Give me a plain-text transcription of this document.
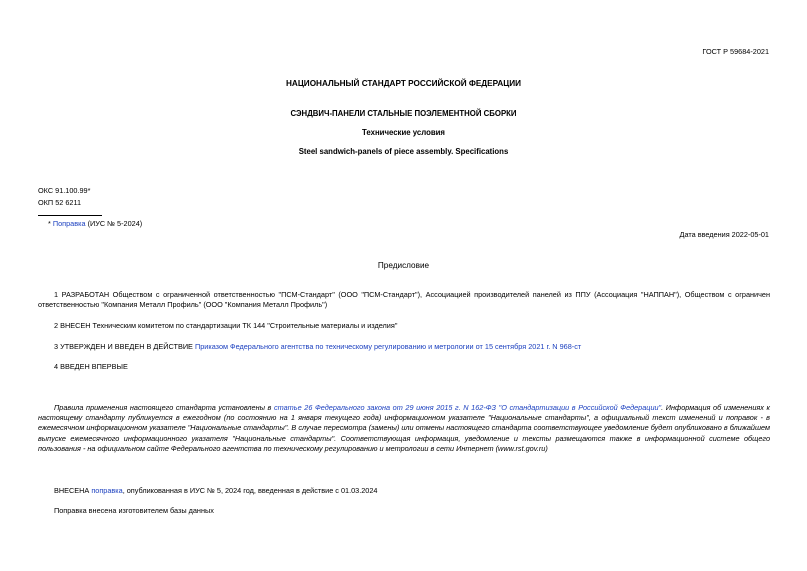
ГОСТ Р 59684-2021
НАЦИОНАЛЬНЫЙ СТАНДАРТ РОССИЙСКОЙ ФЕДЕРАЦИИ
СЭНДВИЧ-ПАНЕЛИ СТАЛЬНЫЕ ПОЭЛЕМЕНТНОЙ СБОРКИ
Технические условия
Steel sandwich-panels of piece assembly. Specifications
ОКС 91.100.99*
ОКП 52 6211
* Поправка (ИУС № 5-2024)
Дата введения 2022-05-01
Предисловие
1 РАЗРАБОТАН Обществом с ограниченной ответственностью "ПСМ-Стандарт" (ООО "ПСМ-Стандарт"), Ассоциацией производителей панелей из ППУ (Ассоциация "НАППАН"), Обществом с ограничен ответственностью "Компания Металл Профиль" (ООО "Компания Металл Профиль")
2 ВНЕСЕН Техническим комитетом по стандартизации ТК 144 "Строительные материалы и изделия"
3 УТВЕРЖДЕН И ВВЕДЕН В ДЕЙСТВИЕ Приказом Федерального агентства по техническому регулированию и метрологии от 15 сентября 2021 г. N 968-ст
4 ВВЕДЕН ВПЕРВЫЕ
Правила применения настоящего стандарта установлены в статье 26 Федерального закона от 29 июня 2015 г. N 162-ФЗ "О стандартизации в Российской Федерации". Информация об изменениях к настоящему стандарту публикуется в ежегодном (по состоянию на 1 января текущего года) информационном указателе "Национальные стандарты", а официальный текст изменений и поправок - в ежемесячном информационном указателе "Национальные стандарты". В случае пересмотра (замены) или отмены настоящего стандарта соответствующее уведомление будет опубликовано в ближайшем выпуске ежемесячного информационного указателя "Национальные стандарты". Соответствующая информация, уведомление и тексты размещаются также в информационной системе общего пользования - на официальном сайте Федерального агентства по техническому регулированию и метрологии в сети Интернет (www.rst.gov.ru)
ВНЕСЕНА поправка, опубликованная в ИУС № 5, 2024 год, введенная в действие с 01.03.2024
Поправка внесена изготовителем базы данных
